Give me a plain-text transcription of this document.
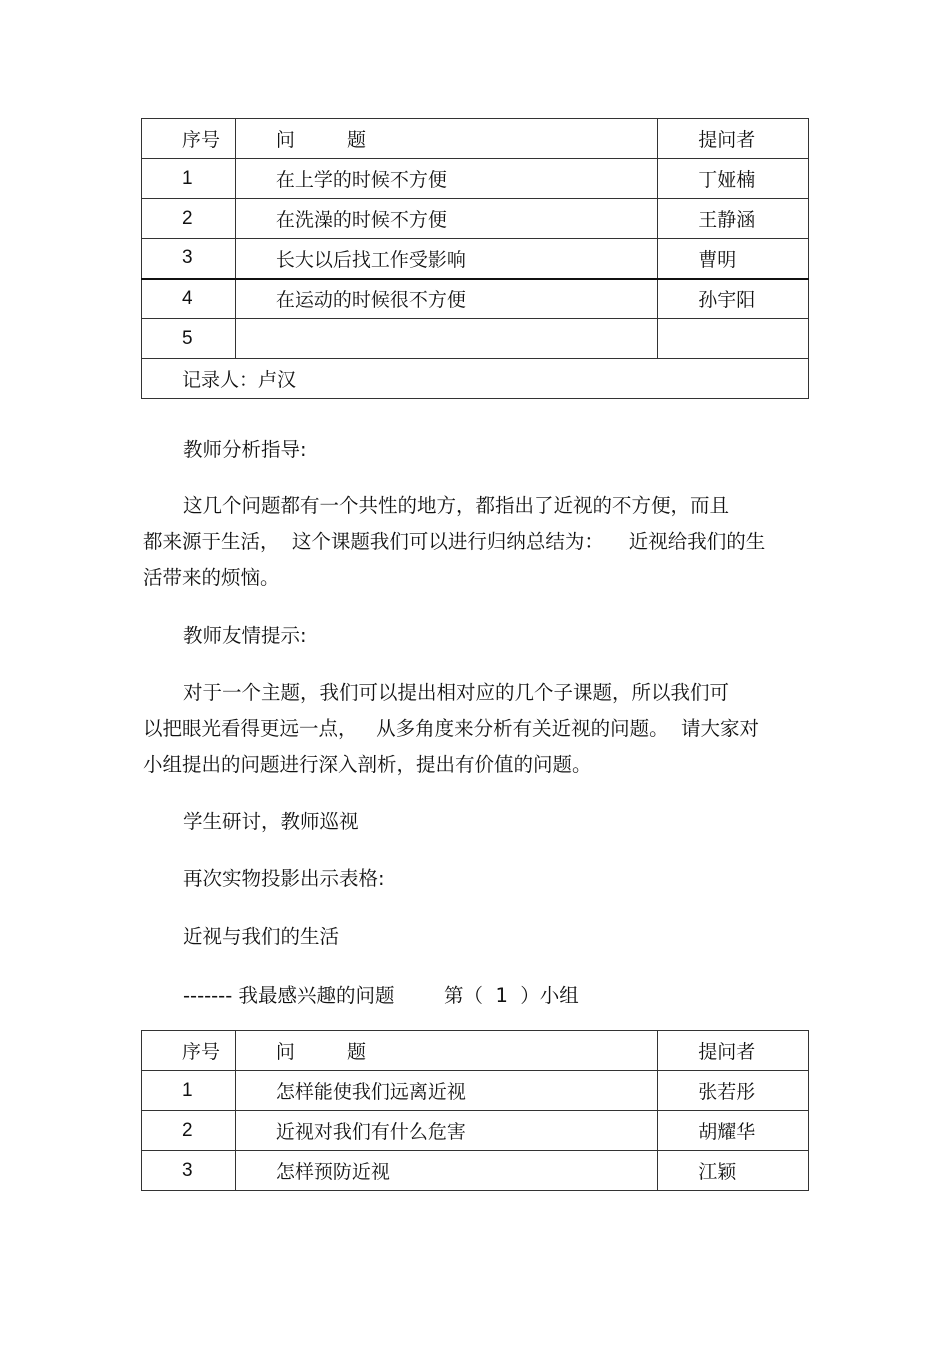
序号	问 题	提问者
1	在上学的时候不方便	丁娅楠
2	在洗澡的时候不方便	王静涵
3	长大以后找工作受影响	曹明
4	在运动的时候很不方便	孙宇阳
5		
记录人：卢汉		

教师分析指导:

这几个问题都有一个共性的地方，都指出了近视的不方便，而且
都来源于生活，  这个课题我们可以进行归纳总结为：    近视给我们的生
活带来的烦恼。

教师友情提示:

对于一个主题，我们可以提出相对应的几个子课题，所以我们可
以把眼光看得更远一点，   从多角度来分析有关近视的问题。  请大家对
小组提出的问题进行深入剖析，提出有价值的问题。

学生研讨，教师巡视

再次实物投影出示表格:

近视与我们的生活

------- 我最感兴趣的问题        第（  1  ）小组

序号	问 题	提问者
1	怎样能使我们远离近视	张若彤
2	近视对我们有什么危害	胡耀华
3	怎样预防近视	江颖
